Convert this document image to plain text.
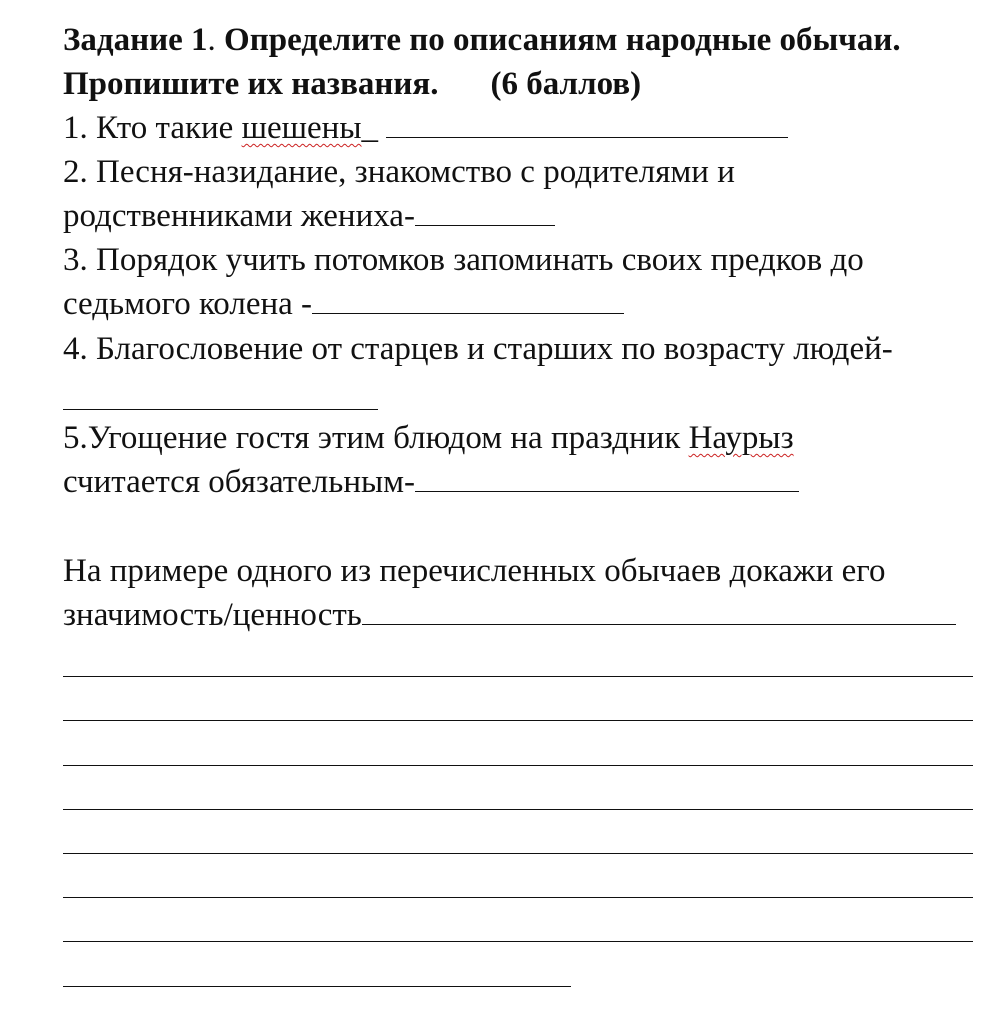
Задание 1. Определите по описаниям народные обычаи.
Пропишите их названия. (6 баллов)
1. Кто такие шешены_
2. Песня-назидание, знакомство с родителями и
родственниками жениха-
3. Порядок учить потомков запоминать своих предков до
седьмого колена -
4. Благословение от старцев и старших по возрасту людей-
5.Угощение гостя этим блюдом на праздник Наурыз
считается обязательным-
На примере одного из перечисленных обычаев докажи его
значимость/ценность
